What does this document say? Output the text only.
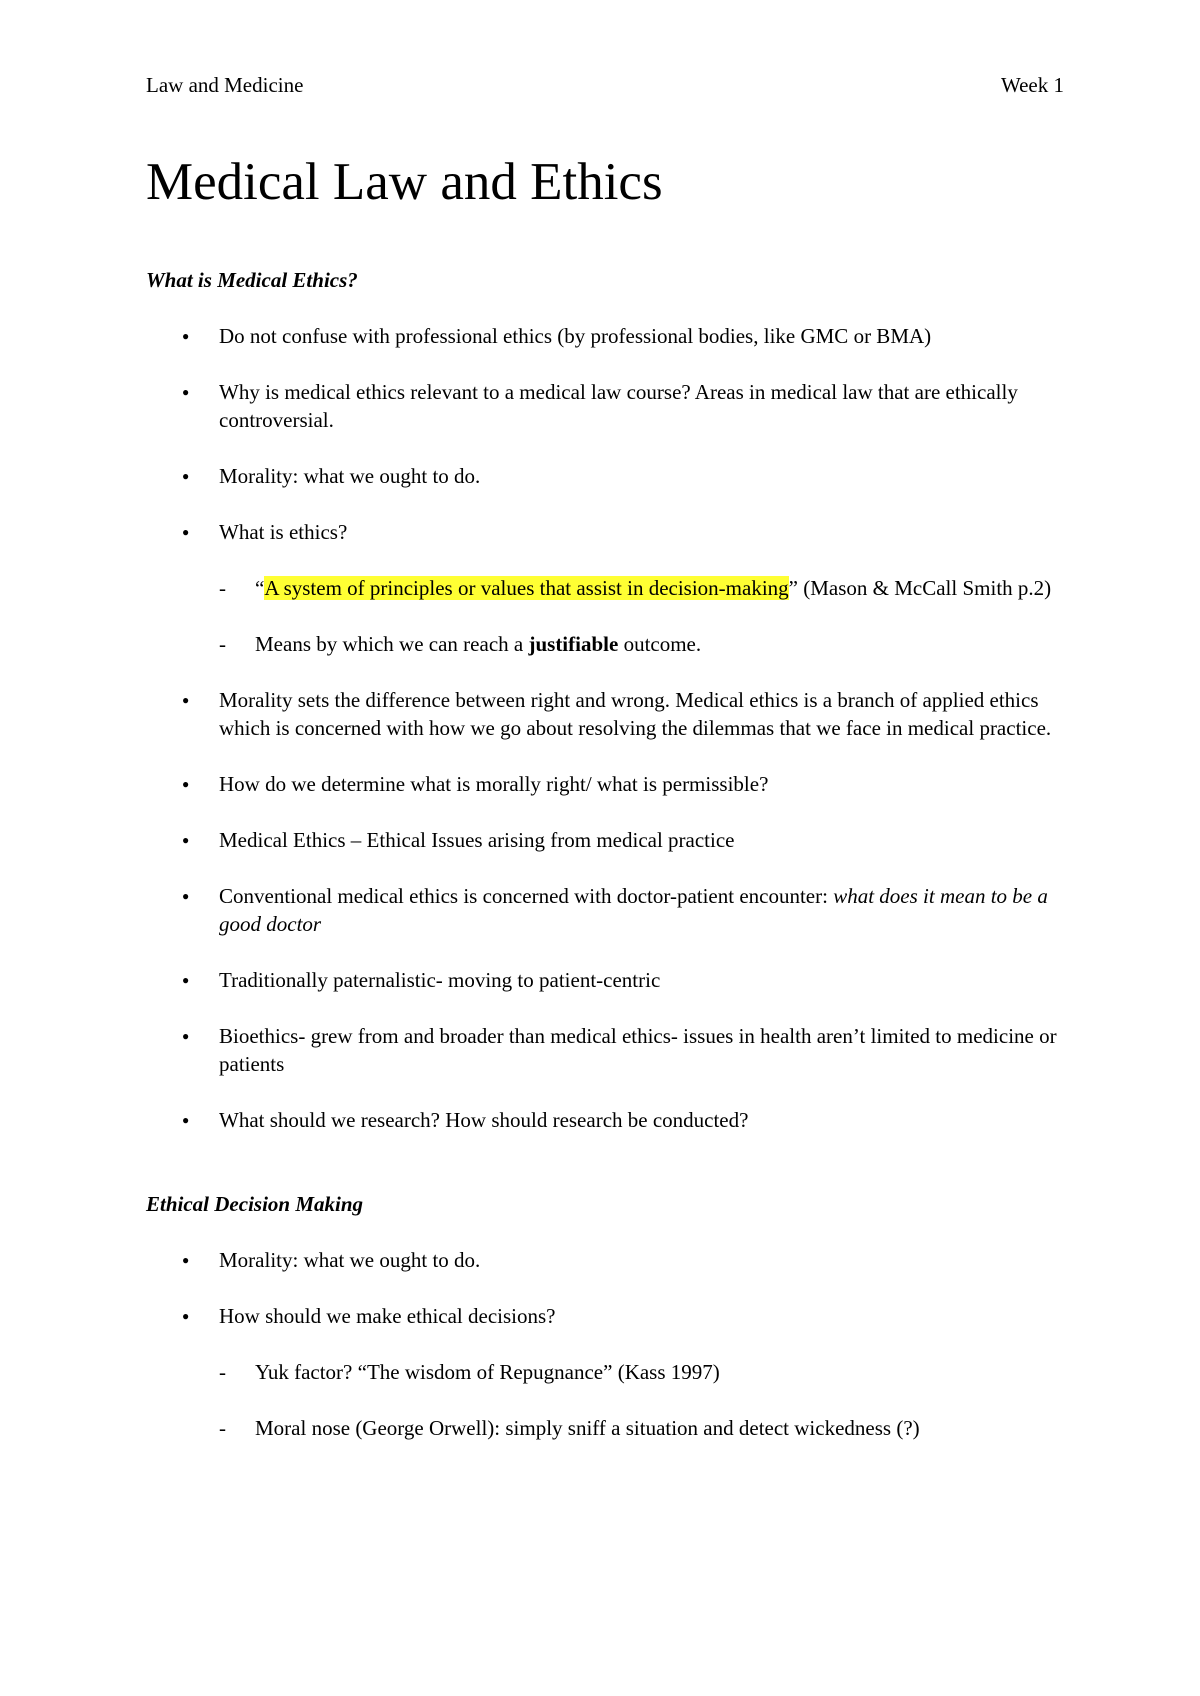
Law and Medicine	Week 1
Medical Law and Ethics
What is Medical Ethics?
● Do not confuse with professional ethics (by professional bodies, like GMC or BMA)
● Why is medical ethics relevant to a medical law course? Areas in medical law that are ethically controversial.
● Morality: what we ought to do.
● What is ethics?
- “A system of principles or values that assist in decision-making” (Mason & McCall Smith p.2)
- Means by which we can reach a justifiable outcome.
● Morality sets the difference between right and wrong. Medical ethics is a branch of applied ethics which is concerned with how we go about resolving the dilemmas that we face in medical practice.
● How do we determine what is morally right/ what is permissible?
● Medical Ethics – Ethical Issues arising from medical practice
● Conventional medical ethics is concerned with doctor-patient encounter: what does it mean to be a good doctor
● Traditionally paternalistic- moving to patient-centric
● Bioethics- grew from and broader than medical ethics- issues in health aren’t limited to medicine or patients
● What should we research? How should research be conducted?
Ethical Decision Making
● Morality: what we ought to do.
● How should we make ethical decisions?
- Yuk factor? “The wisdom of Repugnance” (Kass 1997)
- Moral nose (George Orwell): simply sniff a situation and detect wickedness (?)
